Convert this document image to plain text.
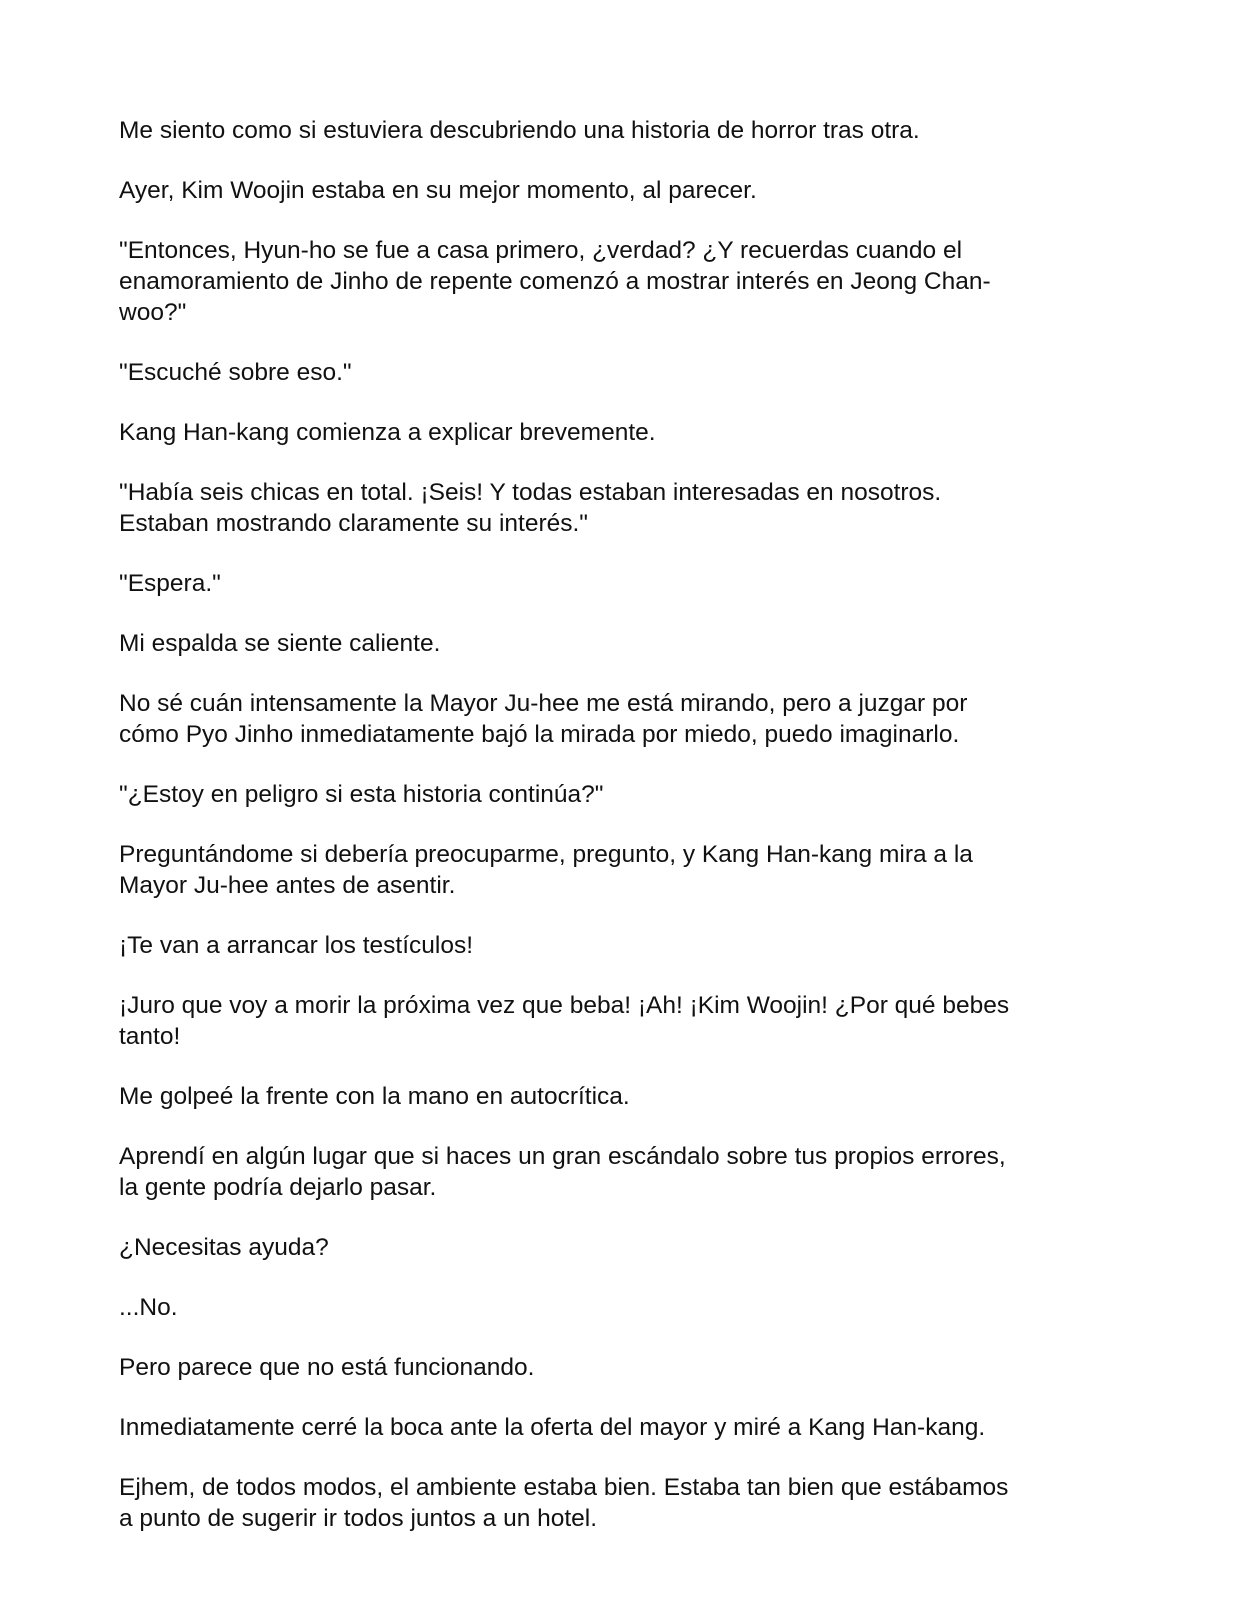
Me siento como si estuviera descubriendo una historia de horror tras otra.

Ayer, Kim Woojin estaba en su mejor momento, al parecer.

"Entonces, Hyun-ho se fue a casa primero, ¿verdad? ¿Y recuerdas cuando el
enamoramiento de Jinho de repente comenzó a mostrar interés en Jeong Chan-
woo?"

"Escuché sobre eso."

Kang Han-kang comienza a explicar brevemente.

"Había seis chicas en total. ¡Seis! Y todas estaban interesadas en nosotros.
Estaban mostrando claramente su interés."

"Espera."

Mi espalda se siente caliente.

No sé cuán intensamente la Mayor Ju-hee me está mirando, pero a juzgar por
cómo Pyo Jinho inmediatamente bajó la mirada por miedo, puedo imaginarlo.

"¿Estoy en peligro si esta historia continúa?"

Preguntándome si debería preocuparme, pregunto, y Kang Han-kang mira a la
Mayor Ju-hee antes de asentir.

¡Te van a arrancar los testículos!

¡Juro que voy a morir la próxima vez que beba! ¡Ah! ¡Kim Woojin! ¿Por qué bebes
tanto!

Me golpeé la frente con la mano en autocrítica.

Aprendí en algún lugar que si haces un gran escándalo sobre tus propios errores,
la gente podría dejarlo pasar.

¿Necesitas ayuda?

...No.

Pero parece que no está funcionando.

Inmediatamente cerré la boca ante la oferta del mayor y miré a Kang Han-kang.

Ejhem, de todos modos, el ambiente estaba bien. Estaba tan bien que estábamos
a punto de sugerir ir todos juntos a un hotel.
